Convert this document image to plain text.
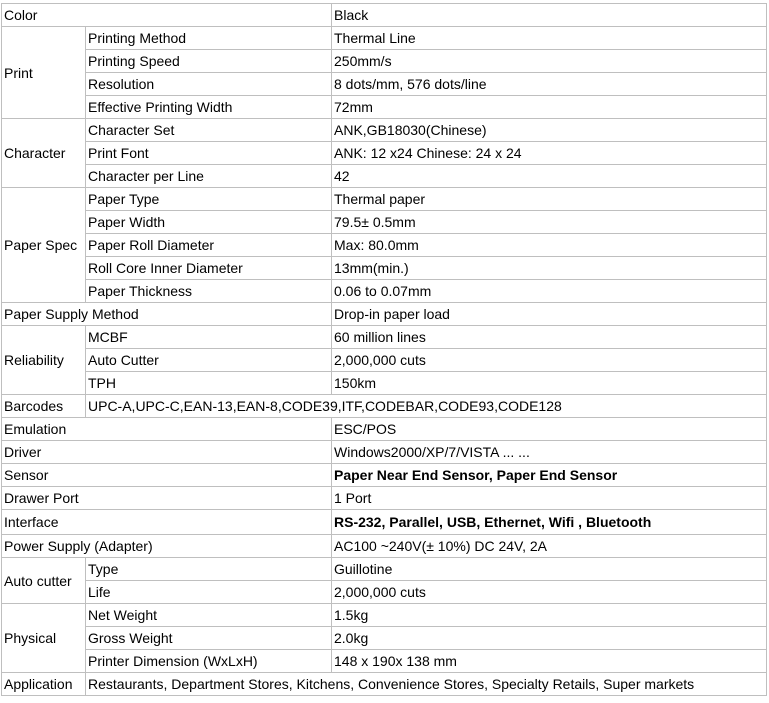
Color		Black
Print	Printing Method	Thermal Line
	Printing Speed	250mm/s
	Resolution	8 dots/mm, 576 dots/line
	Effective Printing Width	72mm
Character	Character Set	ANK,GB18030(Chinese)
	Print Font	ANK: 12 x24 Chinese: 24 x 24
	Character per Line	42
Paper Spec	Paper Type	Thermal paper
	Paper Width	79.5± 0.5mm
	Paper Roll Diameter	Max: 80.0mm
	Roll Core Inner Diameter	13mm(min.)
	Paper Thickness	0.06 to 0.07mm
Paper Supply Method		Drop-in paper load
Reliability	MCBF	60 million lines
	Auto Cutter	2,000,000 cuts
	TPH	150km
Barcodes	UPC-A,UPC-C,EAN-13,EAN-8,CODE39,ITF,CODEBAR,CODE93,CODE128	
Emulation		ESC/POS
Driver		Windows2000/XP/7/VISTA ... ...
Sensor		Paper Near End Sensor, Paper End Sensor
Drawer Port		1 Port
Interface		RS-232, Parallel, USB, Ethernet, Wifi , Bluetooth
Power Supply (Adapter)		AC100 ~240V(± 10%) DC 24V, 2A
Auto cutter	Type	Guillotine
	Life	2,000,000 cuts
Physical	Net Weight	1.5kg
	Gross Weight	2.0kg
	Printer Dimension (WxLxH)	148 x 190x 138 mm
Application	Restaurants, Department Stores, Kitchens, Convenience Stores, Specialty Retails, Super markets	
